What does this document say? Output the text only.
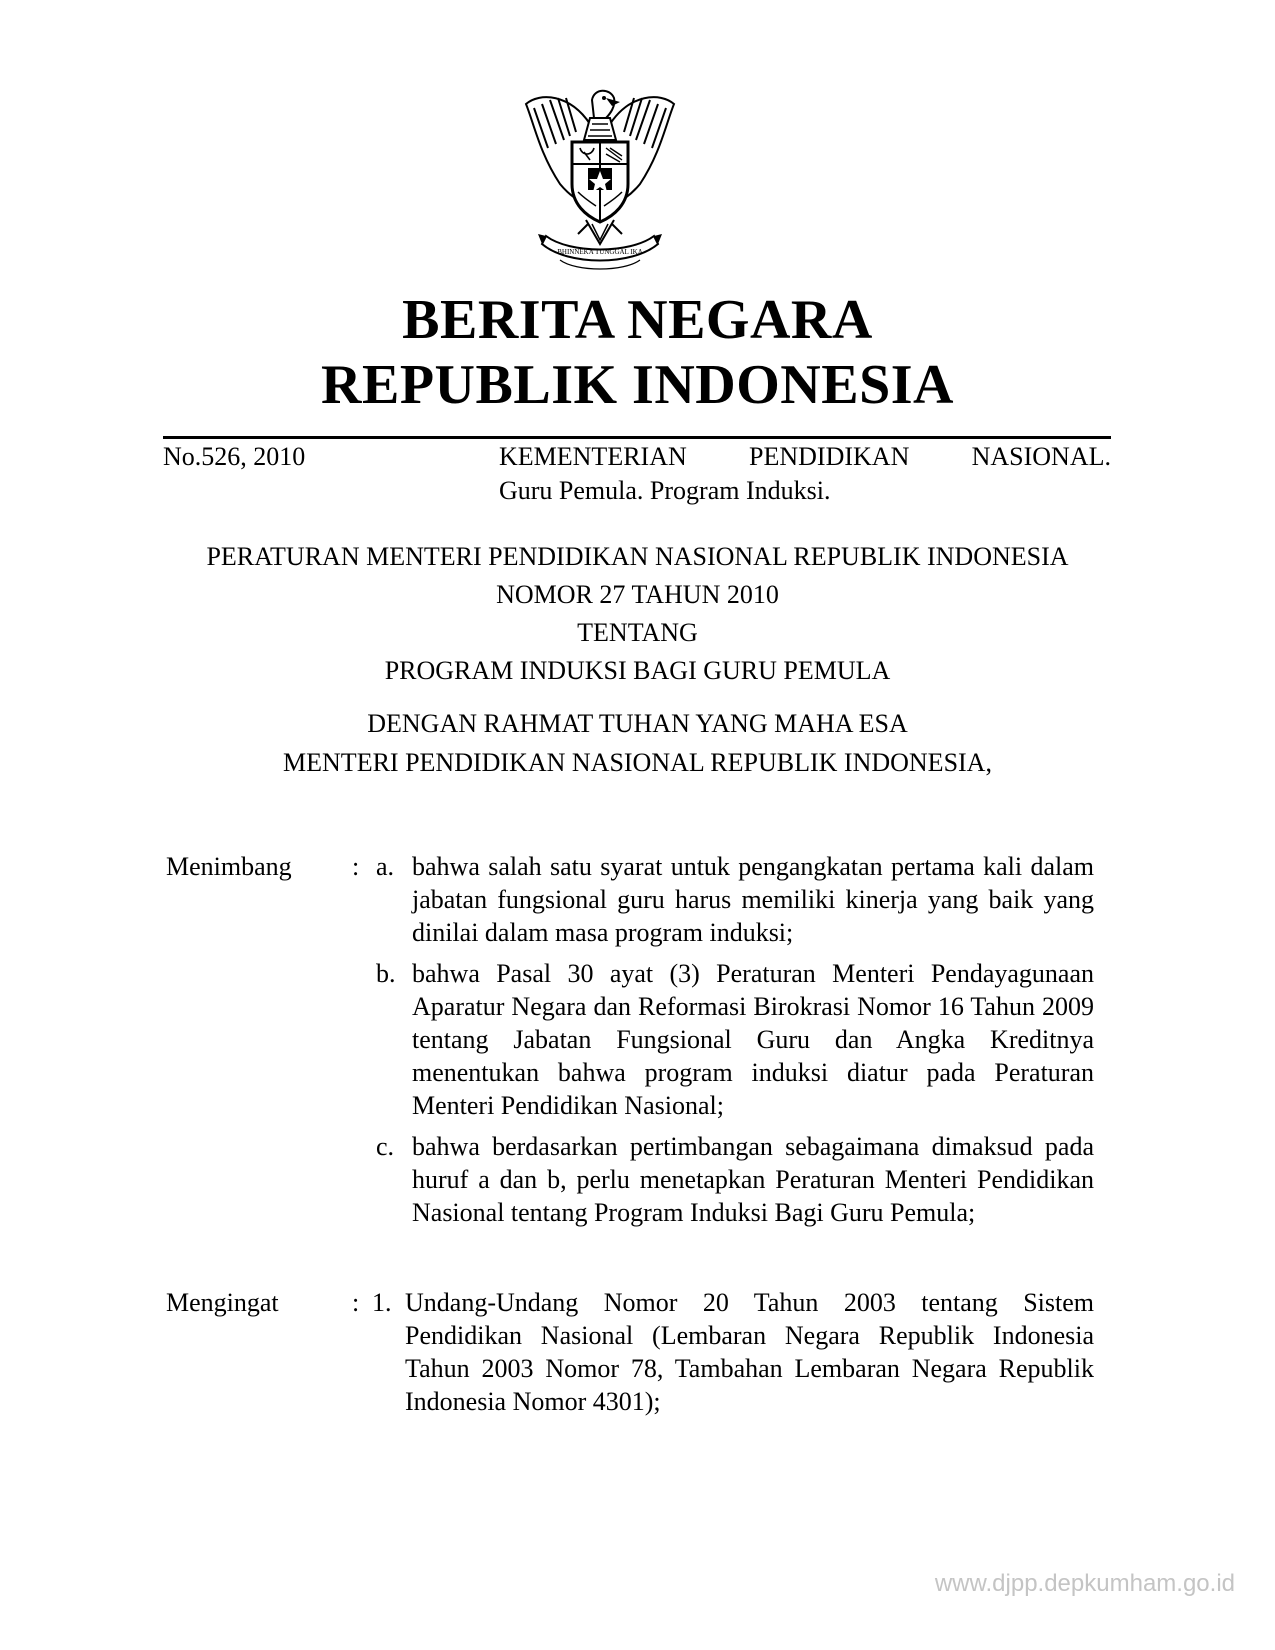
BHINNEKA TUNGGAL IKA
BERITA NEGARA
REPUBLIK INDONESIA
No.526, 2010	KEMENTERIAN PENDIDIKAN NASIONAL.
Guru Pemula. Program Induksi.
PERATURAN MENTERI PENDIDIKAN NASIONAL REPUBLIK INDONESIA
NOMOR 27 TAHUN 2010
TENTANG
PROGRAM INDUKSI BAGI GURU PEMULA
DENGAN RAHMAT TUHAN YANG MAHA ESA
MENTERI PENDIDIKAN NASIONAL REPUBLIK INDONESIA,
Menimbang : a. bahwa salah satu syarat untuk pengangkatan pertama kali dalam jabatan fungsional guru harus memiliki kinerja yang baik yang dinilai dalam masa program induksi;
b. bahwa Pasal 30 ayat (3) Peraturan Menteri Pendayagunaan Aparatur Negara dan Reformasi Birokrasi Nomor 16 Tahun 2009 tentang Jabatan Fungsional Guru dan Angka Kreditnya menentukan bahwa program induksi diatur pada Peraturan Menteri Pendidikan Nasional;
c. bahwa berdasarkan pertimbangan sebagaimana dimaksud pada huruf a dan b, perlu menetapkan Peraturan Menteri Pendidikan Nasional tentang Program Induksi Bagi Guru Pemula;
Mengingat	: 1. Undang-Undang Nomor 20 Tahun 2003 tentang Sistem Pendidikan Nasional (Lembaran Negara Republik Indonesia Tahun 2003 Nomor 78, Tambahan Lembaran Negara Republik Indonesia Nomor 4301);
www.djpp.depkumham.go.id
